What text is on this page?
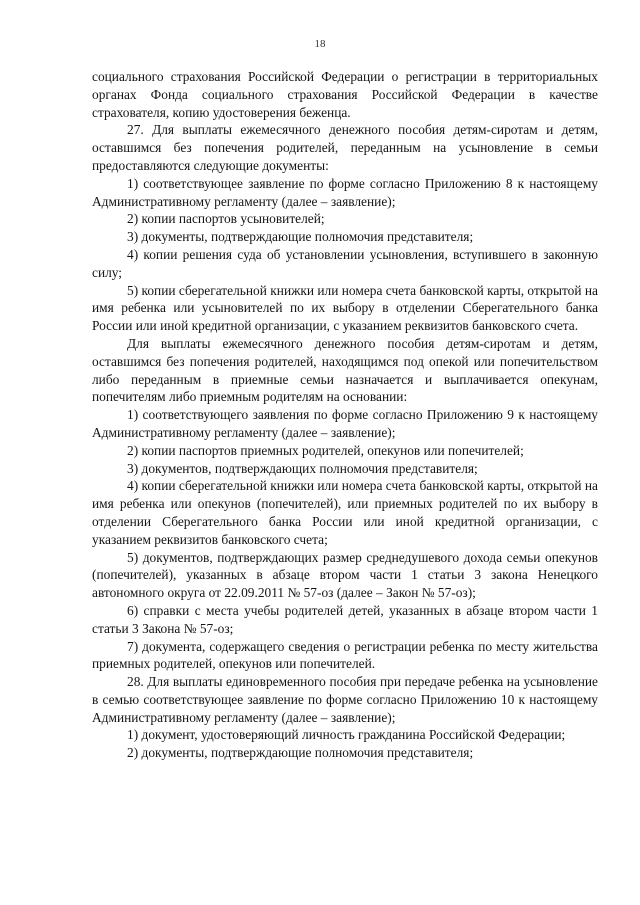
18

социального страхования Российской Федерации о регистрации в территориальных органах Фонда социального страхования Российской Федерации в качестве страхователя, копию удостоверения беженца.

27. Для выплаты ежемесячного денежного пособия детям-сиротам и детям, оставшимся без попечения родителей, переданным на усыновление в семьи предоставляются следующие документы:

1) соответствующее заявление по форме согласно Приложению 8 к настоящему Административному регламенту (далее – заявление);

2) копии паспортов усыновителей;

3) документы, подтверждающие полномочия представителя;

4) копии решения суда об установлении усыновления, вступившего в законную силу;

5) копии сберегательной книжки или номера счета банковской карты, открытой на имя ребенка или усыновителей по их выбору в отделении Сберегательного банка России или иной кредитной организации, с указанием реквизитов банковского счета.

Для выплаты ежемесячного денежного пособия детям-сиротам и детям, оставшимся без попечения родителей, находящимся под опекой или попечительством либо переданным в приемные семьи назначается и выплачивается опекунам, попечителям либо приемным родителям на основании:

1) соответствующего заявления по форме согласно Приложению 9 к настоящему Административному регламенту (далее – заявление);

2) копии паспортов приемных родителей, опекунов или попечителей;

3) документов, подтверждающих полномочия представителя;

4) копии сберегательной книжки или номера счета банковской карты, открытой на имя ребенка или опекунов (попечителей), или приемных родителей по их выбору в отделении Сберегательного банка России или иной кредитной организации, с указанием реквизитов банковского счета;

5) документов, подтверждающих размер среднедушевого дохода семьи опекунов (попечителей), указанных в абзаце втором части 1 статьи 3 закона Ненецкого автономного округа от 22.09.2011 № 57-оз (далее – Закон № 57-оз);

6) справки с места учебы родителей детей, указанных в абзаце втором части 1 статьи 3 Закона № 57-оз;

7) документа, содержащего сведения о регистрации ребенка по месту жительства приемных родителей, опекунов или попечителей.

28. Для выплаты единовременного пособия при передаче ребенка на усыновление в семью соответствующее заявление по форме согласно Приложению 10 к настоящему Административному регламенту (далее – заявление);

1) документ, удостоверяющий личность гражданина Российской Федерации;

2) документы, подтверждающие полномочия представителя;
